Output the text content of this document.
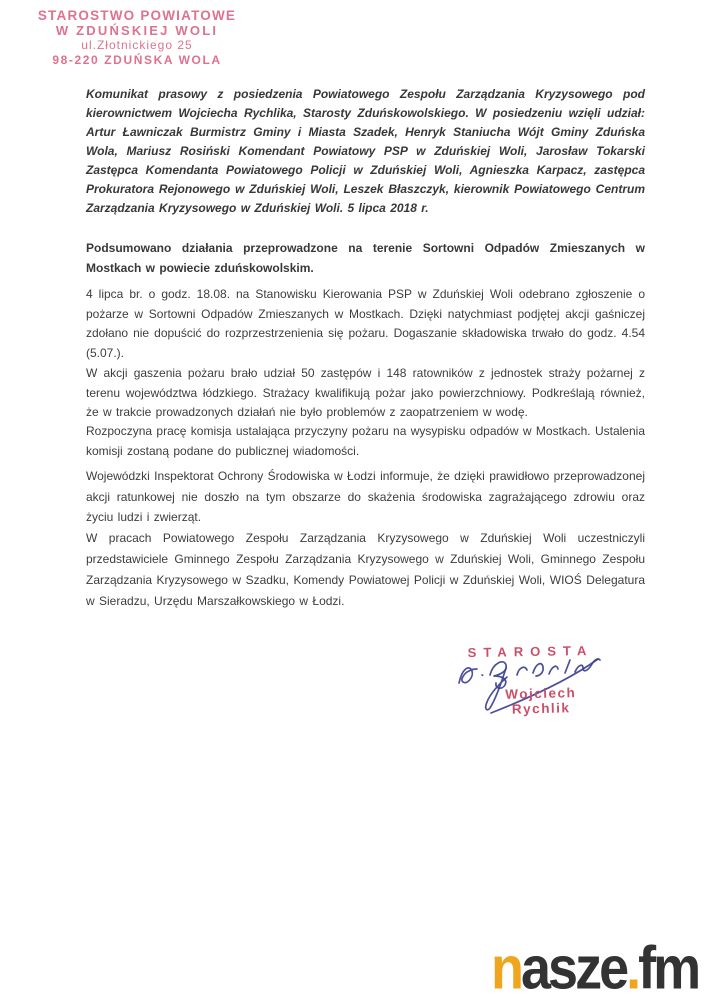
STAROSTWO POWIATOWE
W ZDUŃSKIEJ WOLI
ul.Złotnickiego 25
98-220 ZDUŃSKA WOLA

Komunikat prasowy z posiedzenia Powiatowego Zespołu Zarządzania Kryzysowego pod kierownictwem Wojciecha Rychlika, Starosty Zduńskowolskiego. W posiedzeniu wzięli udział: Artur Ławniczak Burmistrz Gminy i Miasta Szadek, Henryk Staniucha Wójt Gminy Zduńska Wola, Mariusz Rosiński Komendant Powiatowy PSP w Zduńskiej Woli, Jarosław Tokarski Zastępca Komendanta Powiatowego Policji w Zduńskiej Woli, Agnieszka Karpacz, zastępca Prokuratora Rejonowego w Zduńskiej Woli, Leszek Błaszczyk, kierownik Powiatowego Centrum Zarządzania Kryzysowego w Zduńskiej Woli. 5 lipca 2018 r.

Podsumowano działania przeprowadzone na terenie Sortowni Odpadów Zmieszanych w Mostkach w powiecie zduńskowolskim.

4 lipca br. o godz. 18.08. na Stanowisku Kierowania PSP w Zduńskiej Woli odebrano zgłoszenie o pożarze w Sortowni Odpadów Zmieszanych w Mostkach. Dzięki natychmiast podjętej akcji gaśniczej zdołano nie dopuścić do rozprzestrzenienia się pożaru. Dogaszanie składowiska trwało do godz. 4.54 (5.07.).

W akcji gaszenia pożaru brało udział 50 zastępów i 148 ratowników z jednostek straży pożarnej z terenu województwa łódzkiego. Strażacy kwalifikują pożar jako powierzchniowy. Podkreślają również, że w trakcie prowadzonych działań nie było problemów z zaopatrzeniem w wodę.

Rozpoczyna pracę komisja ustalająca przyczyny pożaru na wysypisku odpadów w Mostkach. Ustalenia komisji zostaną podane do publicznej wiadomości.

Wojewódzki Inspektorat Ochrony Środowiska w Łodzi informuje, że dzięki prawidłowo przeprowadzonej akcji ratunkowej nie doszło na tym obszarze do skażenia środowiska zagrażającego zdrowiu oraz życiu ludzi i zwierząt.

W pracach Powiatowego Zespołu Zarządzania Kryzysowego w Zduńskiej Woli uczestniczyli przedstawiciele Gminnego Zespołu Zarządzania Kryzysowego w Zduńskiej Woli, Gminnego Zespołu Zarządzania Kryzysowego w Szadku, Komendy Powiatowej Policji w Zduńskiej Woli, WIOŚ Delegatura w Sieradzu, Urzędu Marszałkowskiego w Łodzi.

STAROSTA
Wojciech Rychlik
nasze.fm
